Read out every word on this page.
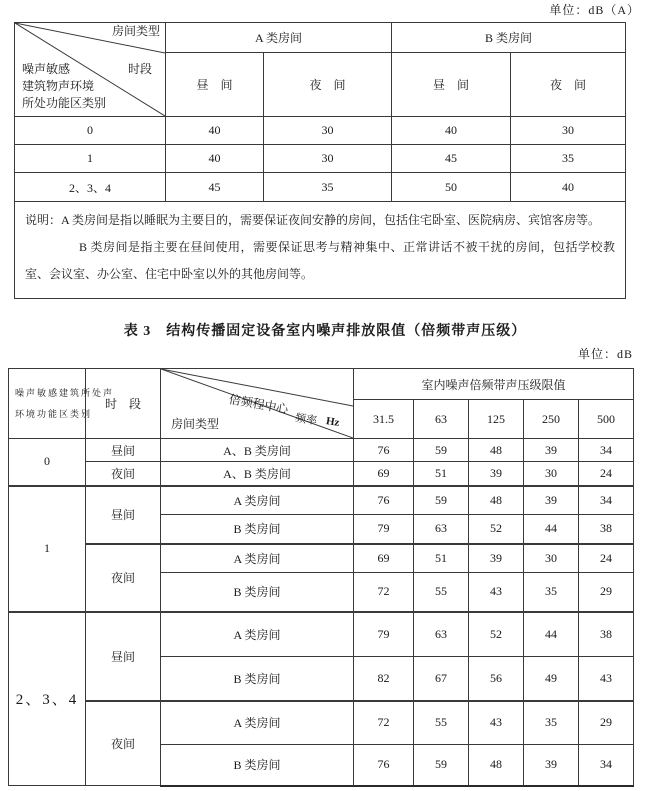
单位：dB（A）
房间类型
时段
噪声敏感
建筑物声环境
所处功能区类别	A 类房间		B 类房间	
	昼　间	夜　间	昼　间	夜　间
0	40	30	40	30
1	40	30	45	35
2、3、4	45	35	50	40

说明：A 类房间是指以睡眠为主要目的，需要保证夜间安静的房间，包括住宅卧室、医院病房、宾馆客房等。

B 类房间是指主要在昼间使用，需要保证思考与精神集中、正常讲话不被干扰的房间，包括学校教室、会议室、办公室、住宅中卧室以外的其他房间等。				

表 3　结构传播固定设备室内噪声排放限值（倍频带声压级）
单位：dB
噪声敏感建筑所处声
环境功能区类别	时　段	倍频程中心
房间类型 频率 Hz	室内噪声倍频带声压级限值				
			31.5	63	125	250	500
0	昼间	A、B 类房间	76	59	48	39	34
	夜间	A、B 类房间	69	51	39	30	24
1	昼间	A 类房间	76	59	48	39	34
		B 类房间	79	63	52	44	38
	夜间	A 类房间	69	51	39	30	24
		B 类房间	72	55	43	35	29
2、3、4	昼间	A 类房间	79	63	52	44	38
		B 类房间	82	67	56	49	43
	夜间	A 类房间	72	55	43	35	29
		B 类房间	76	59	48	39	34
